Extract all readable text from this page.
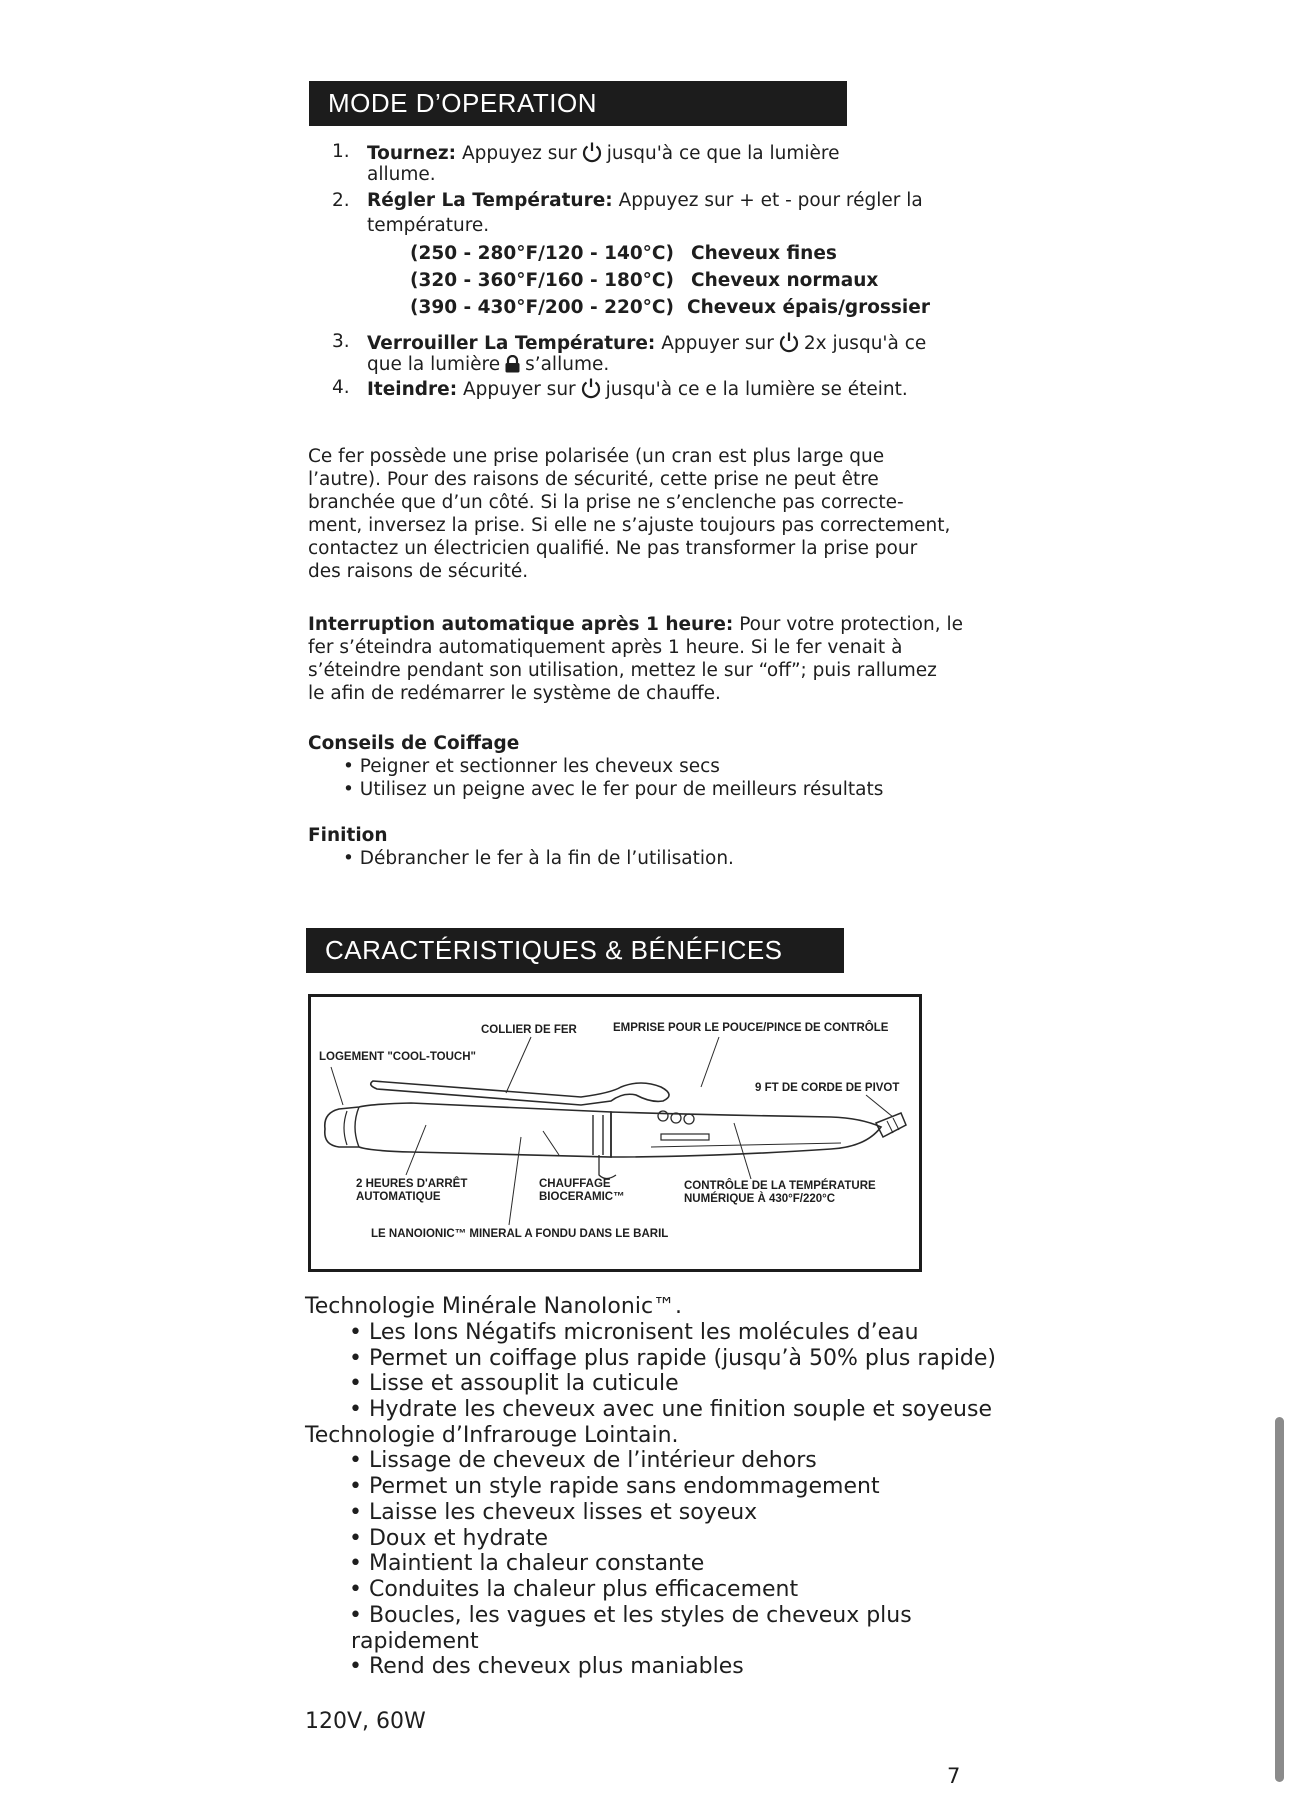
MODE D’OPERATION
1. Tournez: Appuyez sur jusqu'à ce que la lumière

allume.

2. Régler La Température: Appuyez sur + et - pour régler la

température.

(250 - 280°F/120 - 140°C) Cheveux fines

(320 - 360°F/160 - 180°C) Cheveux normaux

(390 - 430°F/200 - 220°C) Cheveux épais/grossier

3. Verrouiller La Température: Appuyer sur 2x jusqu'à ce

que la lumière s’allume.

4. Iteindre: Appuyer sur jusqu'à ce e la lumière se éteint.

Ce fer possède une prise polarisée (un cran est plus large que

l’autre). Pour des raisons de sécurité, cette prise ne peut être

branchée que d’un côté. Si la prise ne s’enclenche pas correcte-

ment, inversez la prise. Si elle ne s’ajuste toujours pas correctement,

contactez un électricien qualifié. Ne pas transformer la prise pour

des raisons de sécurité.

Interruption automatique après 1 heure: Pour votre protection, le

fer s’éteindra automatiquement après 1 heure. Si le fer venait à

s’éteindre pendant son utilisation, mettez le sur “off”; puis rallumez

le afin de redémarrer le système de chauffe.

Conseils de Coiffage

• Peigner et sectionner les cheveux secs

• Utilisez un peigne avec le fer pour de meilleurs résultats

Finition

• Débrancher le fer à la fin de l’utilisation.

CARACTÉRISTIQUES & BÉNÉFICES
COLLIER DE FER	EMPRISE POUR LE POUCE/PINCE DE CONTRÔLE
LOGEMENT "COOL-TOUCH"
9 FT DE CORDE DE PIVOT
2 HEURES D'ARRÊT
AUTOMATIQUE
CHAUFFAGE
BIOCERAMIC™
CONTRÔLE DE LA TEMPÉRATURE
NUMÉRIQUE À 430°F/220°C
LE NANOIONIC™ MINERAL A FONDU DANS LE BARIL

Technologie Minérale NanoIonic™.

• Les Ions Négatifs micronisent les molécules d’eau

• Permet un coiffage plus rapide (jusqu’à 50% plus rapide)

• Lisse et assouplit la cuticule

• Hydrate les cheveux avec une finition souple et soyeuse

Technologie d’Infrarouge Lointain.

• Lissage de cheveux de l’intérieur dehors

• Permet un style rapide sans endommagement

• Laisse les cheveux lisses et soyeux

• Doux et hydrate

• Maintient la chaleur constante

• Conduites la chaleur plus efficacement

• Boucles, les vagues et les styles de cheveux plus

rapidement

• Rend des cheveux plus maniables

120V, 60W

7
